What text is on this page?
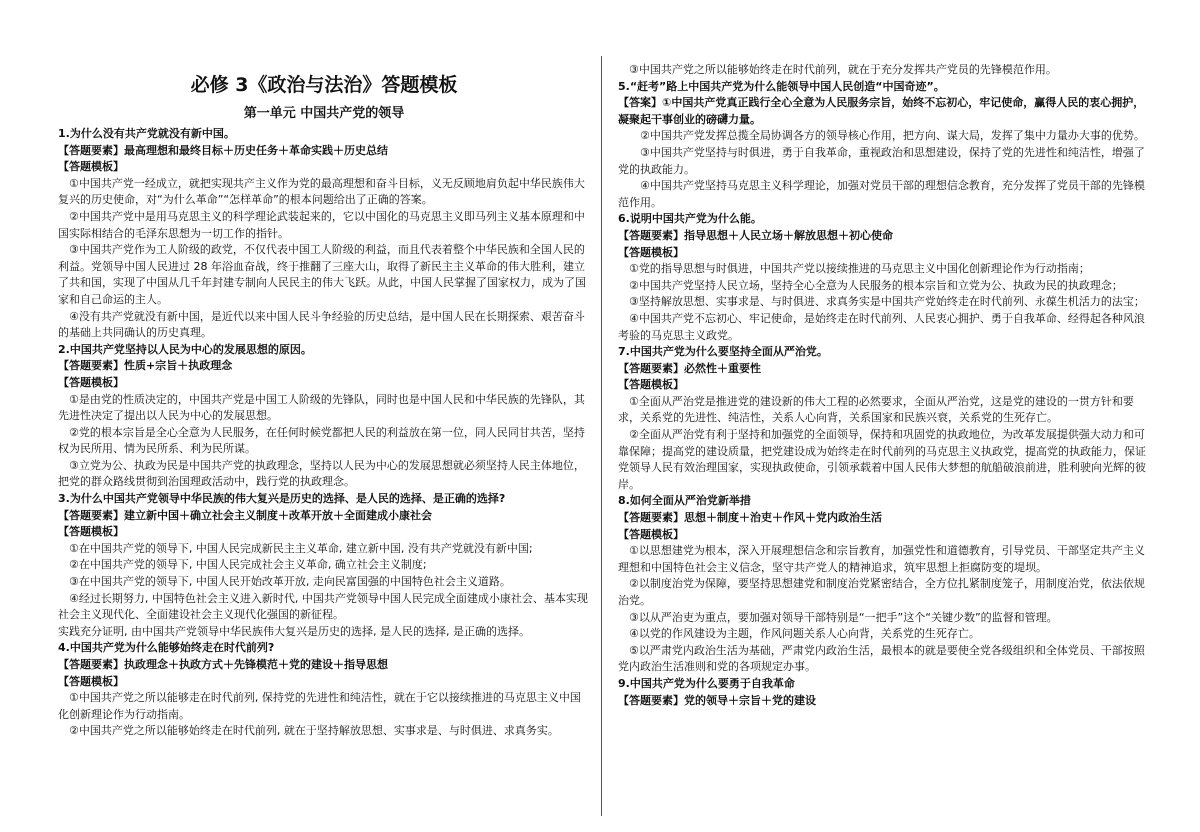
必修 3《政治与法治》答题模板
第一单元 中国共产党的领导
1.为什么没有共产党就没有新中国。
【答题要素】最高理想和最终目标＋历史任务＋革命实践＋历史总结
【答题模板】
①中国共产党一经成立，就把实现共产主义作为党的最高理想和奋斗目标，义无反顾地肩负起中华民族伟大复兴的历史使命，对“为什么革命”“怎样革命”的根本问题给出了正确的答案。
②中国共产党中是用马克思主义的科学理论武装起来的，它以中国化的马克思主义即马列主义基本原理和中国实际相结合的毛泽东思想为一切工作的指针。
③中国共产党作为工人阶级的政党，不仅代表中国工人阶级的利益，而且代表着整个中华民族和全国人民的利益。党领导中国人民进过 28 年浴血奋战，终于推翻了三座大山，取得了新民主主义革命的伟大胜利，建立了共和国，实现了中国从几千年封建专制向人民民主的伟大飞跃。从此，中国人民掌握了国家权力，成为了国家和自己命运的主人。
④没有共产党就没有新中国，是近代以来中国人民斗争经验的历史总结，是中国人民在长期探索、艰苦奋斗的基础上共同确认的历史真理。
2.中国共产党坚持以人民为中心的发展思想的原因。
【答题要素】性质+宗旨＋执政理念
【答题模板】
①是由党的性质决定的，中国共产党是中国工人阶级的先锋队，同时也是中国人民和中华民族的先锋队，其先进性决定了提出以人民为中心的发展思想。
②党的根本宗旨是全心全意为人民服务，在任何时候党都把人民的利益放在第一位，同人民同甘共苦，坚持权为民所用、情为民所系、利为民所谋。
③立党为公、执政为民是中国共产党的执政理念，坚持以人民为中心的发展思想就必须坚持人民主体地位，把党的群众路线贯彻到治国理政活动中，践行党的执政理念。
3.为什么中国共产党领导中华民族的伟大复兴是历史的选择、是人民的选择、是正确的选择?
【答题要素】建立新中国＋确立社会主义制度＋改革开放＋全面建成小康社会
【答题模板】
①在中国共产党的领导下, 中国人民完成新民主主义革命, 建立新中国, 没有共产党就没有新中国;
②在中国共产党的领导下, 中国人民完成社会主义革命, 确立社会主义制度;
③在中国共产党的领导下, 中国人民开始改革开放, 走向民富国强的中国特色社会主义道路。
④经过长期努力, 中国特色社会主义进入新时代, 中国共产党领导中国人民完成全面建成小康社会、基本实现社会主义现代化、全面建设社会主义现代化强国的新征程。
实践充分证明, 由中国共产党领导中华民族伟大复兴是历史的选择, 是人民的选择, 是正确的选择。
4.中国共产党为什么能够始终走在时代前列?
【答题要素】执政理念＋执政方式＋先锋模范＋党的建设＋指导思想
【答题模板】
①中国共产党之所以能够走在时代前列, 保持党的先进性和纯洁性，就在于它以接续推进的马克思主义中国化创新理论作为行动指南。
②中国共产党之所以能够始终走在时代前列, 就在于坚持解放思想、实事求是、与时俱进、求真务实。
③中国共产党之所以能够始终走在时代前列，就在于充分发挥共产党员的先锋模范作用。
5.“赶考”路上中国共产党为什么能领导中国人民创造“中国奇迹”。
【答案】①中国共产党真正践行全心全意为人民服务宗旨，始终不忘初心，牢记使命，赢得人民的衷心拥护，凝聚起干事创业的磅礴力量。
②中国共产党发挥总揽全局协调各方的领导核心作用，把方向、谋大局，发挥了集中力量办大事的优势。
③中国共产党坚持与时俱进，勇于自我革命，重视政治和思想建设，保持了党的先进性和纯洁性，增强了党的执政能力。
④中国共产党坚持马克思主义科学理论，加强对党员干部的理想信念教育，充分发挥了党员干部的先锋模范作用。
6.说明中国共产党为什么能。
【答题要素】指导思想＋人民立场＋解放思想＋初心使命
【答题模板】
①党的指导思想与时俱进，中国共产党以接续推进的马克思主义中国化创新理论作为行动指南；
②中国共产党坚持人民立场，坚持全心全意为人民服务的根本宗旨和立党为公、执政为民的执政理念；
③坚持解放思想、实事求是、与时俱进、求真务实是中国共产党始终走在时代前列、永葆生机活力的法宝；
④中国共产党不忘初心、牢记使命，是始终走在时代前列、人民衷心拥护、勇于自我革命、经得起各种风浪考验的马克思主义政党。
7.中国共产党为什么要坚持全面从严治党。
【答题要素】必然性＋重要性
【答题模板】
①全面从严治党是推进党的建设新的伟大工程的必然要求，全面从严治党，这是党的建设的一贯方针和要求，关系党的先进性、纯洁性，关系人心向背，关系国家和民族兴衰，关系党的生死存亡。
②全面从严治党有利于坚持和加强党的全面领导，保持和巩固党的执政地位，为改革发展提供强大动力和可靠保障；提高党的建设质量，把党建设成为始终走在时代前列的马克思主义执政党，提高党的执政能力，保证党领导人民有效治理国家，实现执政使命，引领承载着中国人民伟大梦想的航船破浪前进，胜利驶向光辉的彼岸。
8.如何全面从严治党新举措
【答题要素】思想＋制度＋治吏＋作风＋党内政治生活
【答题模板】
①以思想建党为根本，深入开展理想信念和宗旨教育，加强党性和道德教育，引导党员、干部坚定共产主义理想和中国特色社会主义信念，坚守共产党人的精神追求，筑牢思想上拒腐防变的堤坝。
②以制度治党为保障，要坚持思想建党和制度治党紧密结合，全方位扎紧制度笼子，用制度治党，依法依规治党。
③以从严治吏为重点，要加强对领导干部特别是“一把手”这个“关键少数”的监督和管理。
④以党的作风建设为主题，作风问题关系人心向背，关系党的生死存亡。
⑤以严肃党内政治生活为基础，严肃党内政治生活，最根本的就是要使全党各级组织和全体党员、干部按照党内政治生活准则和党的各项规定办事。
9.中国共产党为什么要勇于自我革命
【答题要素】党的领导＋宗旨＋党的建设
